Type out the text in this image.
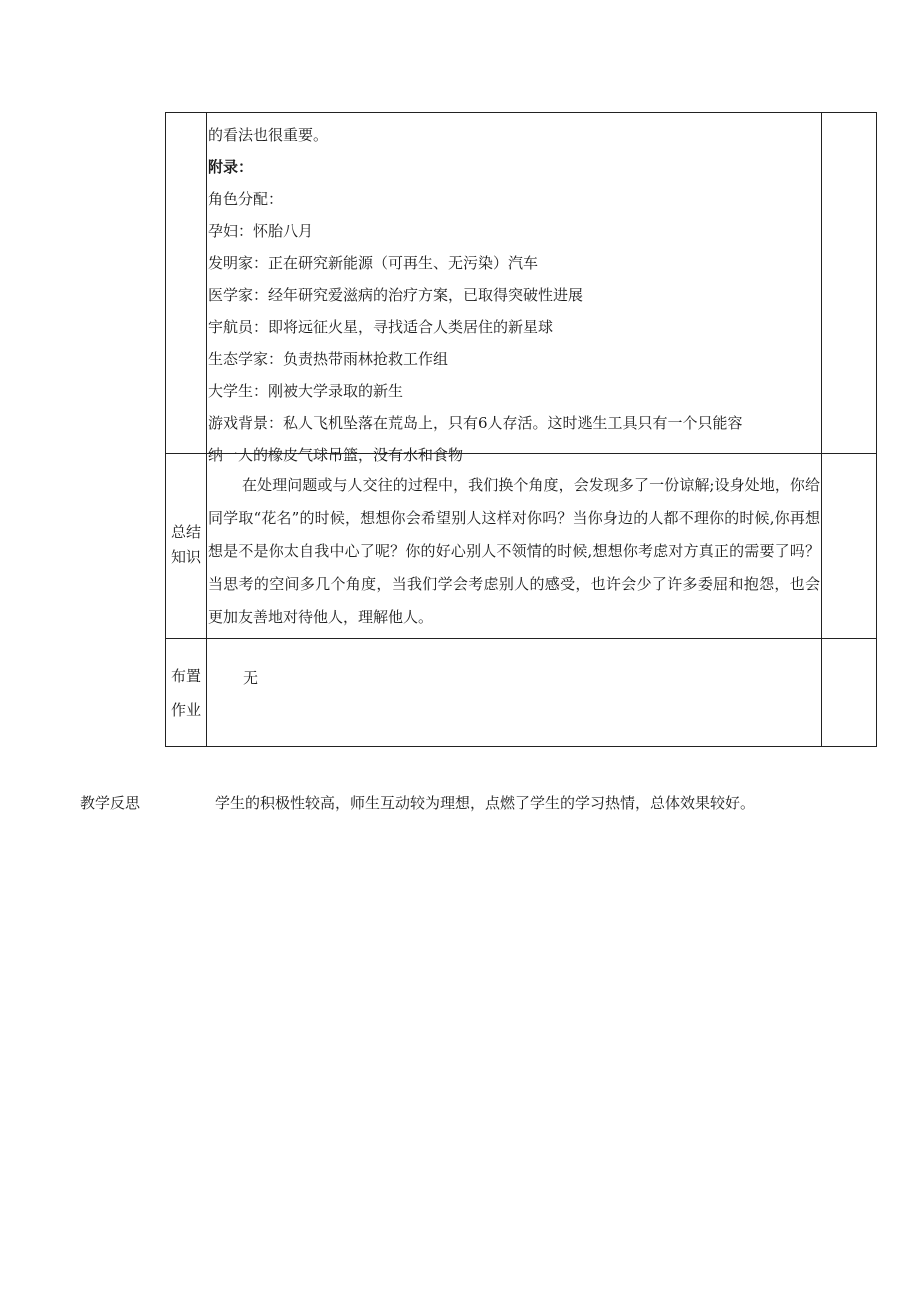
的看法也很重要。
附录：
角色分配：
孕妇：怀胎八月
发明家：正在研究新能源（可再生、无污染）汽车
医学家：经年研究爱滋病的治疗方案，已取得突破性进展
宇航员：即将远征火星，寻找适合人类居住的新星球
生态学家：负责热带雨林抢救工作组
大学生：刚被大学录取的新生
游戏背景：私人飞机坠落在荒岛上，只有6人存活。这时逃生工具只有一个只能容
纳一人的橡皮气球吊篮，没有水和食物
总结
知识
在处理问题或与人交往的过程中，我们换个角度，会发现多了一份谅解;设身处地，你给同学取“花名”的时候，想想你会希望别人这样对你吗？当你身边的人都不理你的时候,你再想想是不是你太自我中心了呢？你的好心别人不领情的时候,想想你考虑对方真正的需要了吗？当思考的空间多几个角度，当我们学会考虑别人的感受，也许会少了许多委屈和抱怨，也会更加友善地对待他人，理解他人。
布置
作业
无
教学反思	学生的积极性较高，师生互动较为理想，点燃了学生的学习热情，总体效果较好。
